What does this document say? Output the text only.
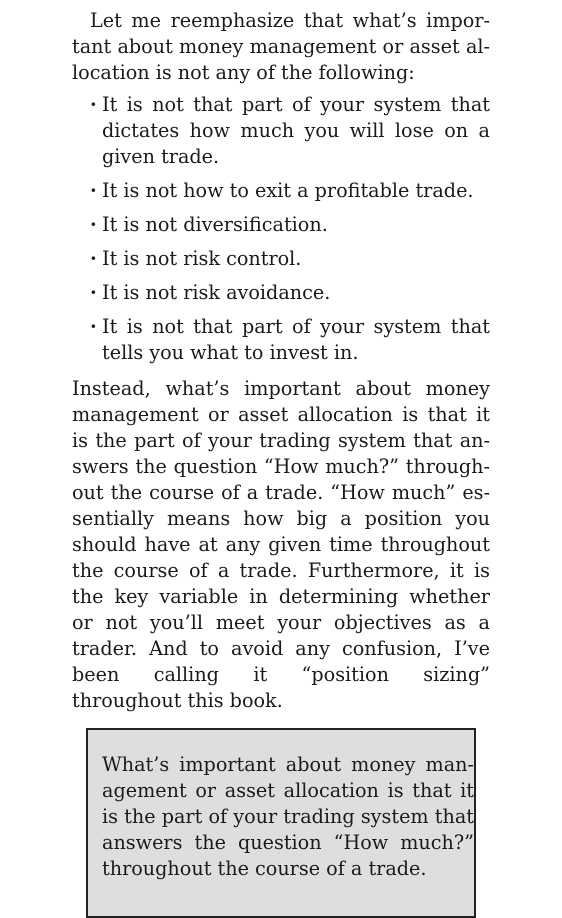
Let me reemphasize that what’s important about money management or asset allocation is not any of the following:

· It is not that part of your system that dictates how much you will lose on a given trade.
· It is not how to exit a profitable trade.
· It is not diversification.
· It is not risk control.
· It is not risk avoidance.
· It is not that part of your system that tells you what to invest in.

Instead, what’s important about money management or asset allocation is that it is the part of your trading system that answers the question “How much?” throughout the course of a trade. “How much” essentially means how big a position you should have at any given time throughout the course of a trade. Furthermore, it is the key variable in determining whether or not you’ll meet your objectives as a trader. And to avoid any confusion, I’ve been calling it “position sizing” throughout this book.

What’s important about money management or asset allocation is that it is the part of your trading system that answers the question “How much?” throughout the course of a trade.
